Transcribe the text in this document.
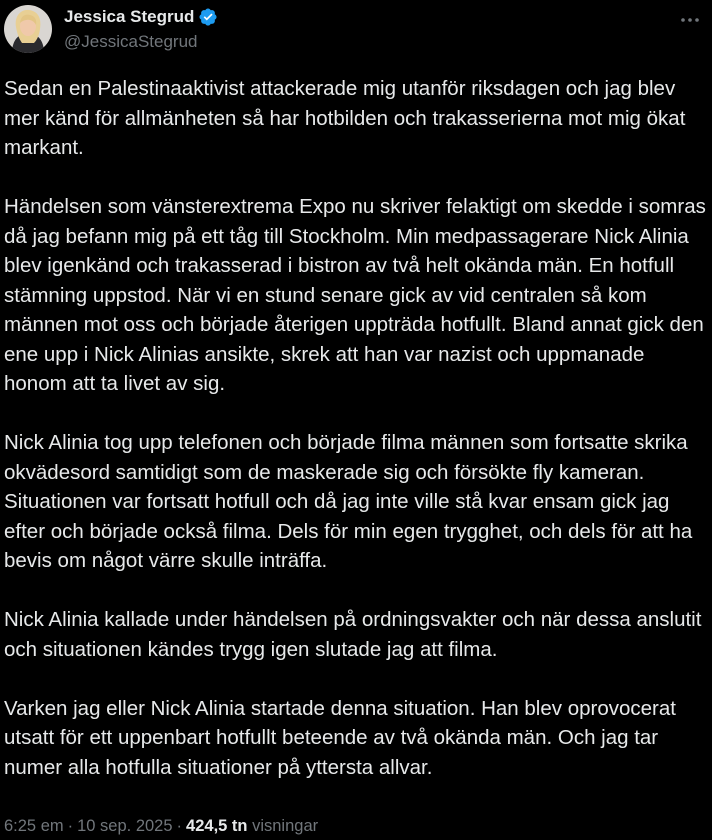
Jessica Stegrud
@JessicaStegrud

Sedan en Palestinaaktivist attackerade mig utanför riksdagen och jag blev mer känd för allmänheten så har hotbilden och trakasserierna mot mig ökat markant.

Händelsen som vänsterextrema Expo nu skriver felaktigt om skedde i somras då jag befann mig på ett tåg till Stockholm. Min medpassagerare Nick Alinia blev igenkänd och trakasserad i bistron av två helt okända män. En hotfull stämning uppstod. När vi en stund senare gick av vid centralen så kom männen mot oss och började återigen uppträda hotfullt. Bland annat gick den ene upp i Nick Alinias ansikte, skrek att han var nazist och uppmanade honom att ta livet av sig.

Nick Alinia tog upp telefonen och började filma männen som fortsatte skrika okvädesord samtidigt som de maskerade sig och försökte fly kameran. Situationen var fortsatt hotfull och då jag inte ville stå kvar ensam gick jag efter och började också filma. Dels för min egen trygghet, och dels för att ha bevis om något värre skulle inträffa.

Nick Alinia kallade under händelsen på ordningsvakter och när dessa anslutit och situationen kändes trygg igen slutade jag att filma.

Varken jag eller Nick Alinia startade denna situation. Han blev oprovocerat utsatt för ett uppenbart hotfullt beteende av två okända män. Och jag tar numer alla hotfulla situationer på yttersta allvar.

6:25 em · 10 sep. 2025 · 424,5 tn visningar
